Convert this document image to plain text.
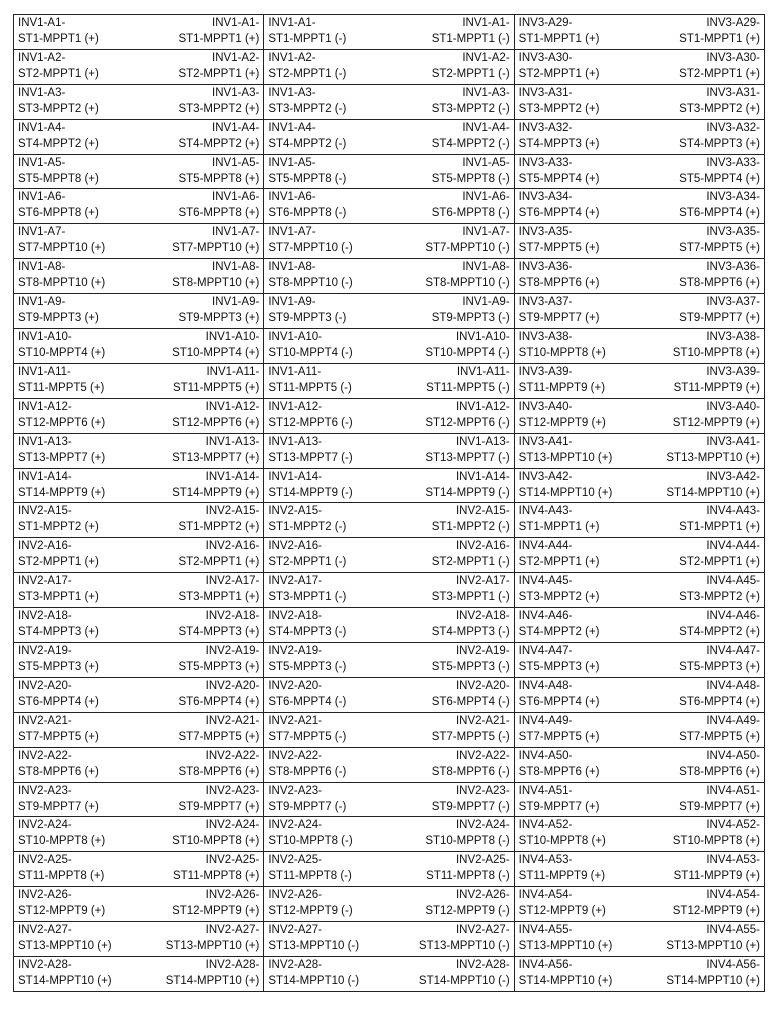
INV1-A1-
ST1-MPPT1 (+)
INV1-A1-
ST1-MPPT1 (+)	INV1-A1-
ST1-MPPT1 (-)
INV1-A1-
ST1-MPPT1 (-)	INV3-A29-
ST1-MPPT1 (+)
INV3-A29-
ST1-MPPT1 (+)

INV1-A2-
ST2-MPPT1 (+)
INV1-A2-
ST2-MPPT1 (+)	INV1-A2-
ST2-MPPT1 (-)
INV1-A2-
ST2-MPPT1 (-)	INV3-A30-
ST2-MPPT1 (+)
INV3-A30-
ST2-MPPT1 (+)

INV1-A3-
ST3-MPPT2 (+)
INV1-A3-
ST3-MPPT2 (+)	INV1-A3-
ST3-MPPT2 (-)
INV1-A3-
ST3-MPPT2 (-)	INV3-A31-
ST3-MPPT2 (+)
INV3-A31-
ST3-MPPT2 (+)

INV1-A4-
ST4-MPPT2 (+)
INV1-A4-
ST4-MPPT2 (+)	INV1-A4-
ST4-MPPT2 (-)
INV1-A4-
ST4-MPPT2 (-)	INV3-A32-
ST4-MPPT3 (+)
INV3-A32-
ST4-MPPT3 (+)

INV1-A5-
ST5-MPPT8 (+)
INV1-A5-
ST5-MPPT8 (+)	INV1-A5-
ST5-MPPT8 (-)
INV1-A5-
ST5-MPPT8 (-)	INV3-A33-
ST5-MPPT4 (+)
INV3-A33-
ST5-MPPT4 (+)

INV1-A6-
ST6-MPPT8 (+)
INV1-A6-
ST6-MPPT8 (+)	INV1-A6-
ST6-MPPT8 (-)
INV1-A6-
ST6-MPPT8 (-)	INV3-A34-
ST6-MPPT4 (+)
INV3-A34-
ST6-MPPT4 (+)

INV1-A7-
ST7-MPPT10 (+)
INV1-A7-
ST7-MPPT10 (+)	INV1-A7-
ST7-MPPT10 (-)
INV1-A7-
ST7-MPPT10 (-)	INV3-A35-
ST7-MPPT5 (+)
INV3-A35-
ST7-MPPT5 (+)

INV1-A8-
ST8-MPPT10 (+)
INV1-A8-
ST8-MPPT10 (+)	INV1-A8-
ST8-MPPT10 (-)
INV1-A8-
ST8-MPPT10 (-)	INV3-A36-
ST8-MPPT6 (+)
INV3-A36-
ST8-MPPT6 (+)

INV1-A9-
ST9-MPPT3 (+)
INV1-A9-
ST9-MPPT3 (+)	INV1-A9-
ST9-MPPT3 (-)
INV1-A9-
ST9-MPPT3 (-)	INV3-A37-
ST9-MPPT7 (+)
INV3-A37-
ST9-MPPT7 (+)

INV1-A10-
ST10-MPPT4 (+)
INV1-A10-
ST10-MPPT4 (+)	INV1-A10-
ST10-MPPT4 (-)
INV1-A10-
ST10-MPPT4 (-)	INV3-A38-
ST10-MPPT8 (+)
INV3-A38-
ST10-MPPT8 (+)

INV1-A11-
ST11-MPPT5 (+)
INV1-A11-
ST11-MPPT5 (+)	INV1-A11-
ST11-MPPT5 (-)
INV1-A11-
ST11-MPPT5 (-)	INV3-A39-
ST11-MPPT9 (+)
INV3-A39-
ST11-MPPT9 (+)

INV1-A12-
ST12-MPPT6 (+)
INV1-A12-
ST12-MPPT6 (+)	INV1-A12-
ST12-MPPT6 (-)
INV1-A12-
ST12-MPPT6 (-)	INV3-A40-
ST12-MPPT9 (+)
INV3-A40-
ST12-MPPT9 (+)

INV1-A13-
ST13-MPPT7 (+)
INV1-A13-
ST13-MPPT7 (+)	INV1-A13-
ST13-MPPT7 (-)
INV1-A13-
ST13-MPPT7 (-)	INV3-A41-
ST13-MPPT10 (+)
INV3-A41-
ST13-MPPT10 (+)

INV1-A14-
ST14-MPPT9 (+)
INV1-A14-
ST14-MPPT9 (+)	INV1-A14-
ST14-MPPT9 (-)
INV1-A14-
ST14-MPPT9 (-)	INV3-A42-
ST14-MPPT10 (+)
INV3-A42-
ST14-MPPT10 (+)

INV2-A15-
ST1-MPPT2 (+)
INV2-A15-
ST1-MPPT2 (+)	INV2-A15-
ST1-MPPT2 (-)
INV2-A15-
ST1-MPPT2 (-)	INV4-A43-
ST1-MPPT1 (+)
INV4-A43-
ST1-MPPT1 (+)

INV2-A16-
ST2-MPPT1 (+)
INV2-A16-
ST2-MPPT1 (+)	INV2-A16-
ST2-MPPT1 (-)
INV2-A16-
ST2-MPPT1 (-)	INV4-A44-
ST2-MPPT1 (+)
INV4-A44-
ST2-MPPT1 (+)

INV2-A17-
ST3-MPPT1 (+)
INV2-A17-
ST3-MPPT1 (+)	INV2-A17-
ST3-MPPT1 (-)
INV2-A17-
ST3-MPPT1 (-)	INV4-A45-
ST3-MPPT2 (+)
INV4-A45-
ST3-MPPT2 (+)

INV2-A18-
ST4-MPPT3 (+)
INV2-A18-
ST4-MPPT3 (+)	INV2-A18-
ST4-MPPT3 (-)
INV2-A18-
ST4-MPPT3 (-)	INV4-A46-
ST4-MPPT2 (+)
INV4-A46-
ST4-MPPT2 (+)

INV2-A19-
ST5-MPPT3 (+)
INV2-A19-
ST5-MPPT3 (+)	INV2-A19-
ST5-MPPT3 (-)
INV2-A19-
ST5-MPPT3 (-)	INV4-A47-
ST5-MPPT3 (+)
INV4-A47-
ST5-MPPT3 (+)

INV2-A20-
ST6-MPPT4 (+)
INV2-A20-
ST6-MPPT4 (+)	INV2-A20-
ST6-MPPT4 (-)
INV2-A20-
ST6-MPPT4 (-)	INV4-A48-
ST6-MPPT4 (+)
INV4-A48-
ST6-MPPT4 (+)

INV2-A21-
ST7-MPPT5 (+)
INV2-A21-
ST7-MPPT5 (+)	INV2-A21-
ST7-MPPT5 (-)
INV2-A21-
ST7-MPPT5 (-)	INV4-A49-
ST7-MPPT5 (+)
INV4-A49-
ST7-MPPT5 (+)

INV2-A22-
ST8-MPPT6 (+)
INV2-A22-
ST8-MPPT6 (+)	INV2-A22-
ST8-MPPT6 (-)
INV2-A22-
ST8-MPPT6 (-)	INV4-A50-
ST8-MPPT6 (+)
INV4-A50-
ST8-MPPT6 (+)

INV2-A23-
ST9-MPPT7 (+)
INV2-A23-
ST9-MPPT7 (+)	INV2-A23-
ST9-MPPT7 (-)
INV2-A23-
ST9-MPPT7 (-)	INV4-A51-
ST9-MPPT7 (+)
INV4-A51-
ST9-MPPT7 (+)

INV2-A24-
ST10-MPPT8 (+)
INV2-A24-
ST10-MPPT8 (+)	INV2-A24-
ST10-MPPT8 (-)
INV2-A24-
ST10-MPPT8 (-)	INV4-A52-
ST10-MPPT8 (+)
INV4-A52-
ST10-MPPT8 (+)

INV2-A25-
ST11-MPPT8 (+)
INV2-A25-
ST11-MPPT8 (+)	INV2-A25-
ST11-MPPT8 (-)
INV2-A25-
ST11-MPPT8 (-)	INV4-A53-
ST11-MPPT9 (+)
INV4-A53-
ST11-MPPT9 (+)

INV2-A26-
ST12-MPPT9 (+)
INV2-A26-
ST12-MPPT9 (+)	INV2-A26-
ST12-MPPT9 (-)
INV2-A26-
ST12-MPPT9 (-)	INV4-A54-
ST12-MPPT9 (+)
INV4-A54-
ST12-MPPT9 (+)

INV2-A27-
ST13-MPPT10 (+)
INV2-A27-
ST13-MPPT10 (+)	INV2-A27-
ST13-MPPT10 (-)
INV2-A27-
ST13-MPPT10 (-)	INV4-A55-
ST13-MPPT10 (+)
INV4-A55-
ST13-MPPT10 (+)

INV2-A28-
ST14-MPPT10 (+)
INV2-A28-
ST14-MPPT10 (+)	INV2-A28-
ST14-MPPT10 (-)
INV2-A28-
ST14-MPPT10 (-)	INV4-A56-
ST14-MPPT10 (+)
INV4-A56-
ST14-MPPT10 (+)
